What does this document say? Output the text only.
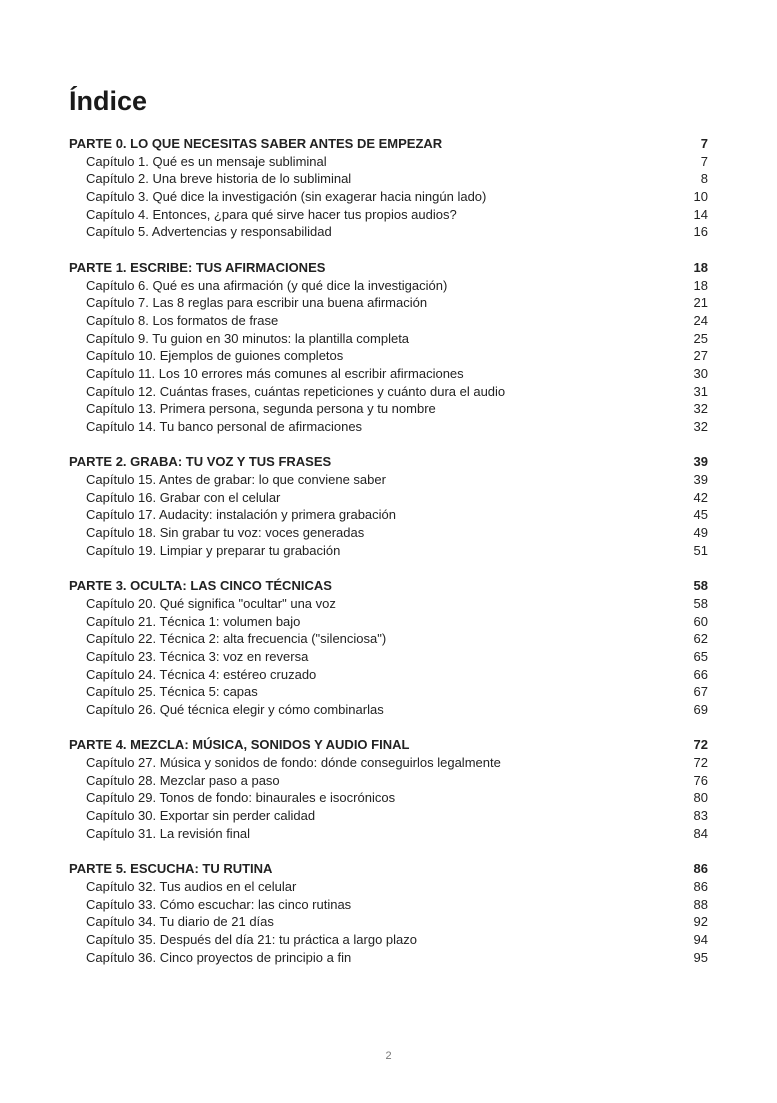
Índice
PARTE 0. LO QUE NECESITAS SABER ANTES DE EMPEZAR	7
Capítulo 1. Qué es un mensaje subliminal	7
Capítulo 2. Una breve historia de lo subliminal	8
Capítulo 3. Qué dice la investigación (sin exagerar hacia ningún lado)	10
Capítulo 4. Entonces, ¿para qué sirve hacer tus propios audios?	14
Capítulo 5. Advertencias y responsabilidad	16
PARTE 1. ESCRIBE: TUS AFIRMACIONES	18
Capítulo 6. Qué es una afirmación (y qué dice la investigación)	18
Capítulo 7. Las 8 reglas para escribir una buena afirmación	21
Capítulo 8. Los formatos de frase	24
Capítulo 9. Tu guion en 30 minutos: la plantilla completa	25
Capítulo 10. Ejemplos de guiones completos	27
Capítulo 11. Los 10 errores más comunes al escribir afirmaciones	30
Capítulo 12. Cuántas frases, cuántas repeticiones y cuánto dura el audio	31
Capítulo 13. Primera persona, segunda persona y tu nombre	32
Capítulo 14. Tu banco personal de afirmaciones	32
PARTE 2. GRABA: TU VOZ Y TUS FRASES	39
Capítulo 15. Antes de grabar: lo que conviene saber	39
Capítulo 16. Grabar con el celular	42
Capítulo 17. Audacity: instalación y primera grabación	45
Capítulo 18. Sin grabar tu voz: voces generadas	49
Capítulo 19. Limpiar y preparar tu grabación	51
PARTE 3. OCULTA: LAS CINCO TÉCNICAS	58
Capítulo 20. Qué significa "ocultar" una voz	58
Capítulo 21. Técnica 1: volumen bajo	60
Capítulo 22. Técnica 2: alta frecuencia ("silenciosa")	62
Capítulo 23. Técnica 3: voz en reversa	65
Capítulo 24. Técnica 4: estéreo cruzado	66
Capítulo 25. Técnica 5: capas	67
Capítulo 26. Qué técnica elegir y cómo combinarlas	69
PARTE 4. MEZCLA: MÚSICA, SONIDOS Y AUDIO FINAL	72
Capítulo 27. Música y sonidos de fondo: dónde conseguirlos legalmente	72
Capítulo 28. Mezclar paso a paso	76
Capítulo 29. Tonos de fondo: binaurales e isocrónicos	80
Capítulo 30. Exportar sin perder calidad	83
Capítulo 31. La revisión final	84
PARTE 5. ESCUCHA: TU RUTINA	86
Capítulo 32. Tus audios en el celular	86
Capítulo 33. Cómo escuchar: las cinco rutinas	88
Capítulo 34. Tu diario de 21 días	92
Capítulo 35. Después del día 21: tu práctica a largo plazo	94
Capítulo 36. Cinco proyectos de principio a fin	95
2
